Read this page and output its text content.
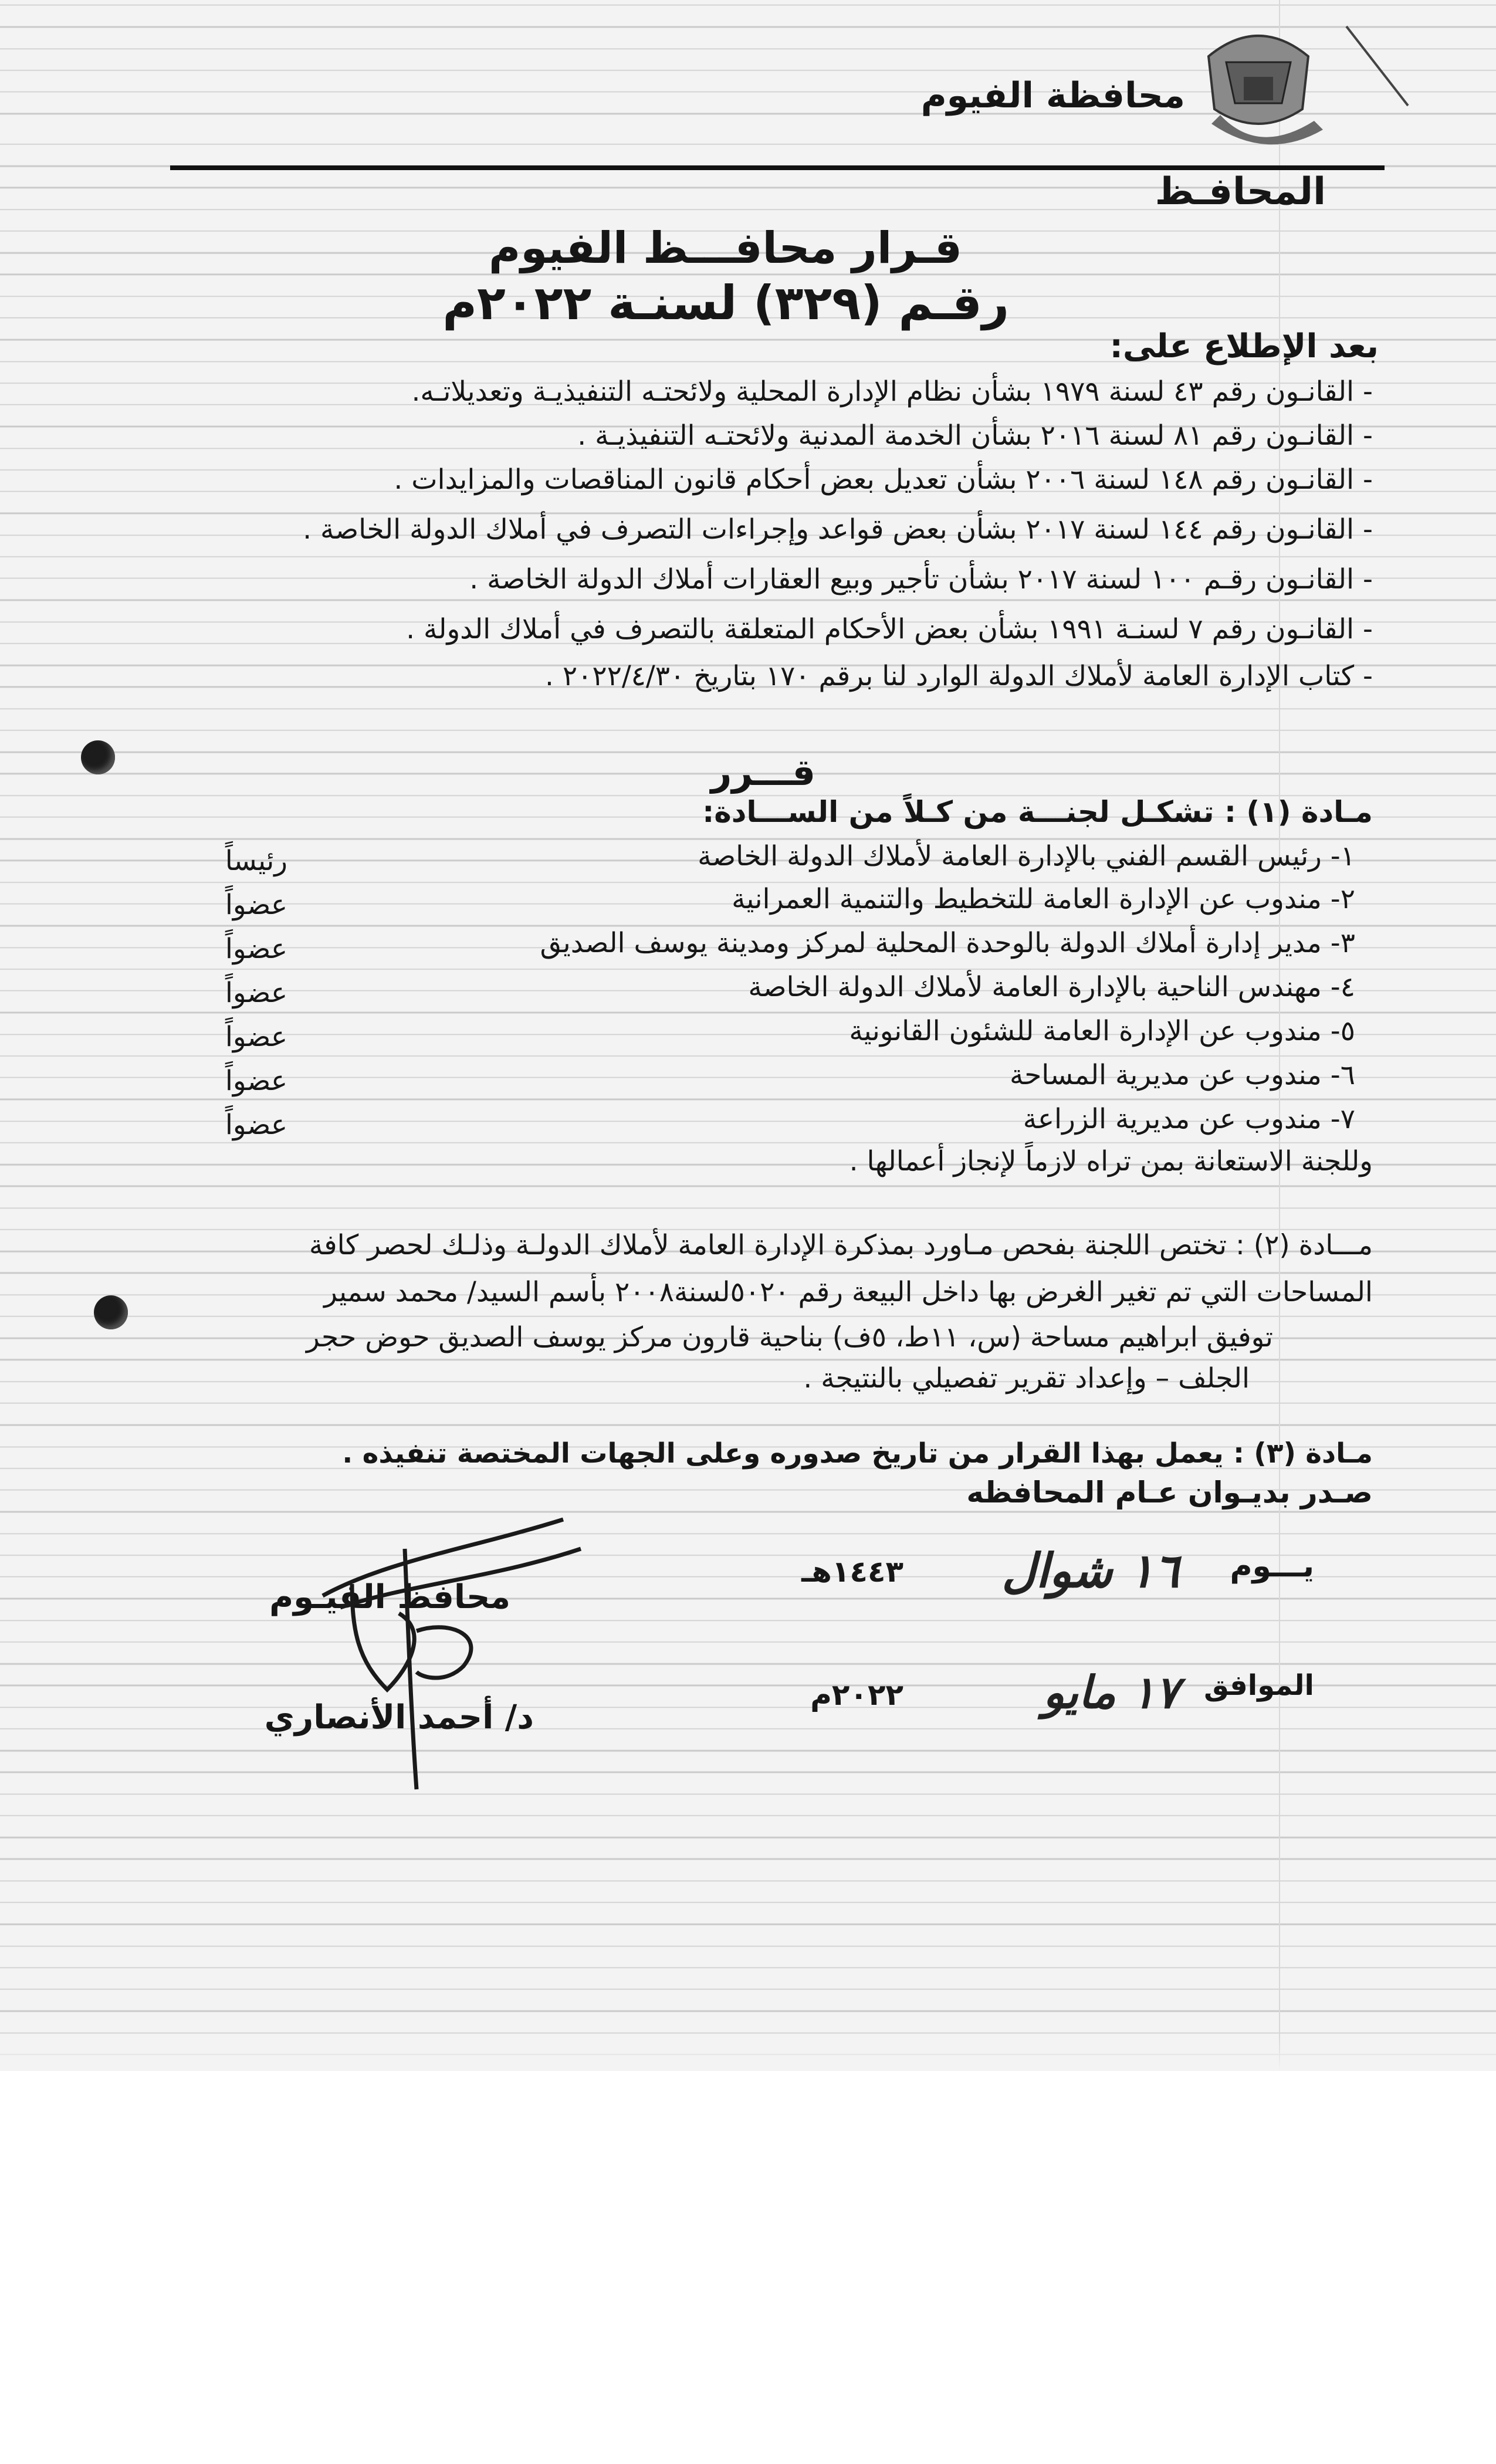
محافظة الفيوم
المحافـظ
قـرار محافـــظ الفيوم
رقـم (٣٢٩) لسنـة ٢٠٢٢م
بعد الإطلاع على:
- القانـون رقم ٤٣ لسنة ١٩٧٩ بشأن نظام الإدارة المحلية ولائحتـه التنفيذيـة وتعديلاتـه.
- القانـون رقم ٨١ لسنة ٢٠١٦ بشأن الخدمة المدنية ولائحتـه التنفيذيـة .
- القانـون رقم ١٤٨ لسنة ٢٠٠٦ بشأن تعديل بعض أحكام قانون المناقصات والمزايدات .
- القانـون رقم ١٤٤ لسنة ٢٠١٧ بشأن بعض قواعد وإجراءات التصرف في أملاك الدولة الخاصة .
- القانـون رقـم ١٠٠ لسنة ٢٠١٧ بشأن تأجير وبيع العقارات أملاك الدولة الخاصة .
- القانـون رقم ٧ لسنـة ١٩٩١ بشأن بعض الأحكام المتعلقة بالتصرف في أملاك الدولة .
- كتاب الإدارة العامة لأملاك الدولة الوارد لنا برقم ١٧٠ بتاريخ ٢٠٢٢/٤/٣٠ .
قـــرر
مـادة (١) : تشكـل لجنـــة من كـلاً من الســـادة:
١- رئيس القسم الفني بالإدارة العامة لأملاك الدولة الخاصة
رئيساً
٢- مندوب عن الإدارة العامة للتخطيط والتنمية العمرانية
عضواً
٣- مدير إدارة أملاك الدولة بالوحدة المحلية لمركز ومدينة يوسف الصديق
عضواً
٤- مهندس الناحية بالإدارة العامة لأملاك الدولة الخاصة
عضواً
٥- مندوب عن الإدارة العامة للشئون القانونية
عضواً
٦- مندوب عن مديرية المساحة
عضواً
٧- مندوب عن مديرية الزراعة
عضواً
وللجنة الاستعانة بمن تراه لازماً لإنجاز أعمالها .
مـــادة (٢) : تختص اللجنة بفحص مـاورد بمذكرة الإدارة العامة لأملاك الدولـة وذلـك لحصر كافة
المساحات التي تم تغير الغرض بها داخل البيعة رقم ٥٠٢٠لسنة٢٠٠٨ بأسم السيد/ محمد سمير
توفيق ابراهيم مساحة (س، ١١ط، ٥ف) بناحية قارون مركز يوسف الصديق حوض حجر
الجلف – وإعداد تقرير تفصيلي بالنتيجة .
مـادة (٣) : يعمل بهذا القرار من تاريخ صدوره وعلى الجهات المختصة تنفيذه .
صـدر بديـوان عـام المحافظه
يـــوم
١٦ شوال
١٤٤٣هـ
الموافق
١٧ مايو
٢٠٢٢م
محافظ الفيـوم
د/ أحمد الأنصاري
